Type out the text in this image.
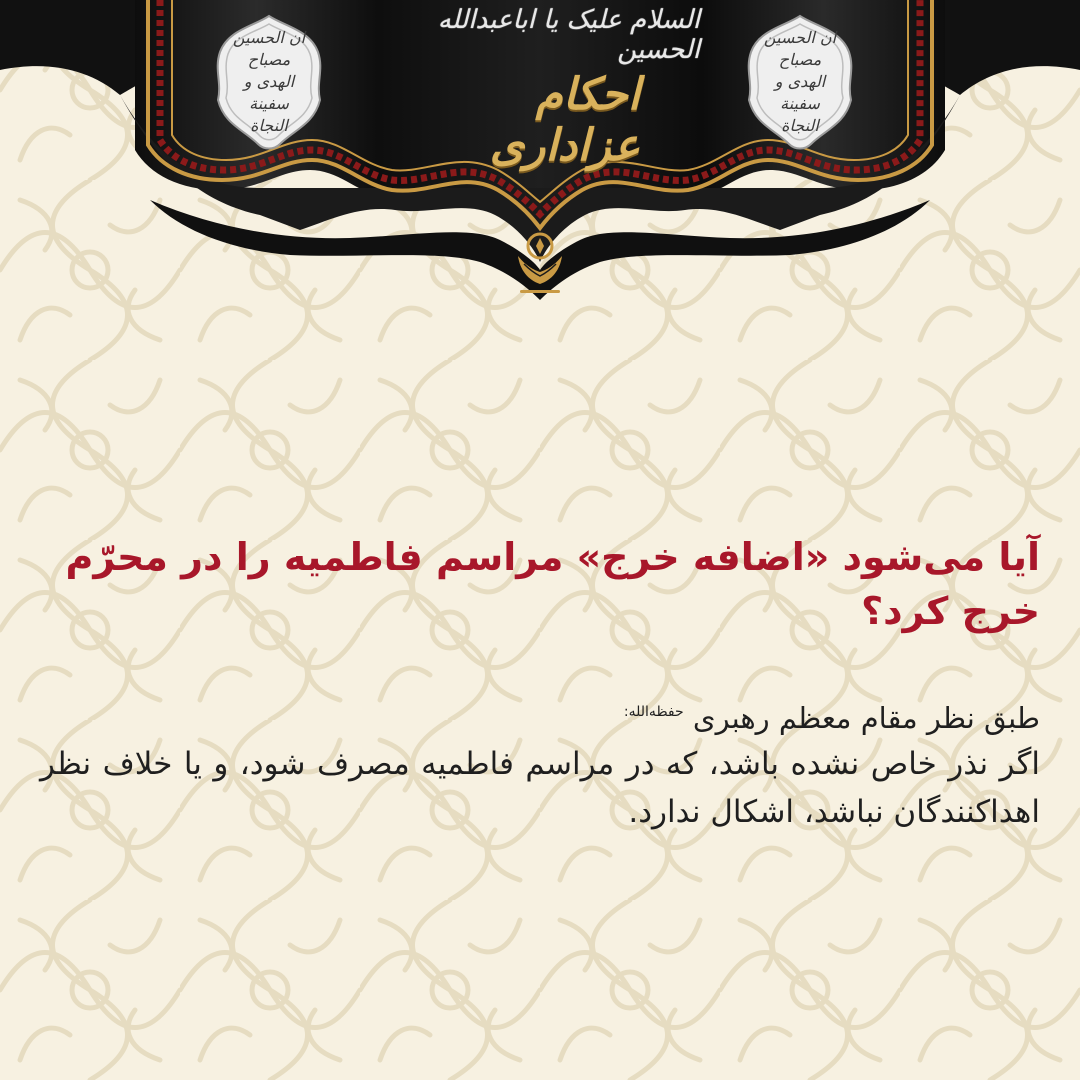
السلام علیک یا اباعبدالله الحسین
احکام عزاداری
ان الحسین مصباح الهدی و سفینة النجاة
ان الحسین مصباح الهدی و سفینة النجاة
آیا می‌شود «اضافه خرج» مراسم فاطمیه را در محرّم خرج کرد؟
طبق نظر مقام معظم رهبری $^{حفظه‌الله:}$
اگر نذر خاص نشده باشد، که در مراسم فاطمیه مصرف شود، و یا خلاف نظر اهداکنندگان نباشد، اشکال ندارد.
